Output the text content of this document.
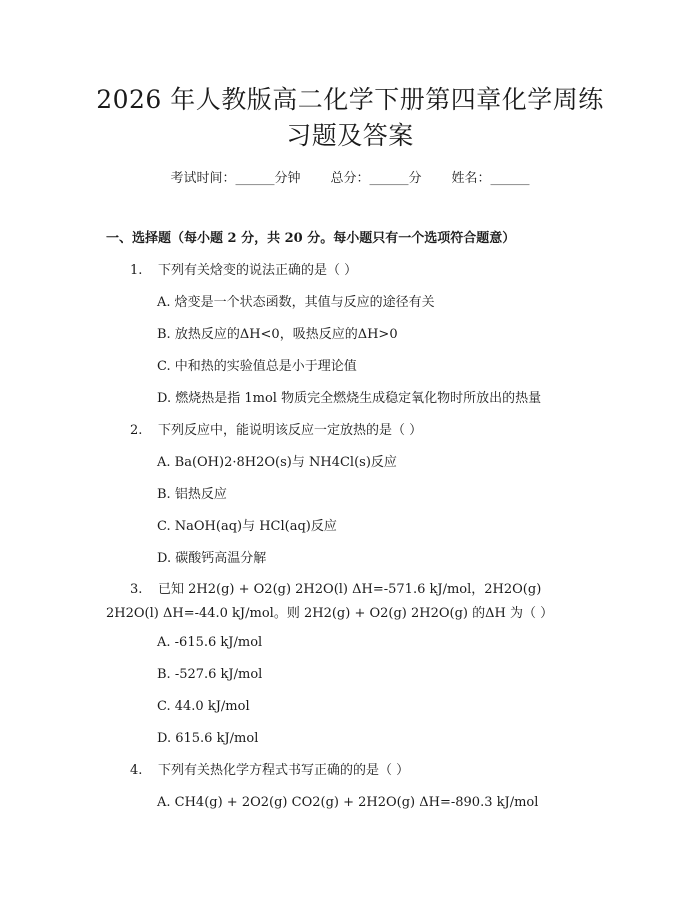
2026 年人教版高二化学下册第四章化学周练
习题及答案
考试时间：______分钟 总分：______分 姓名：______
一、选择题（每小题 2 分，共 20 分。每小题只有一个选项符合题意）
1. 下列有关焓变的说法正确的是（ ）
A. 焓变是一个状态函数，其值与反应的途径有关
B. 放热反应的ΔH<0，吸热反应的ΔH>0
C. 中和热的实验值总是小于理论值
D. 燃烧热是指 1mol 物质完全燃烧生成稳定氧化物时所放出的热量
2. 下列反应中，能说明该反应一定放热的是（ ）
A. Ba(OH)2·8H2O(s)与 NH4Cl(s)反应
B. 铝热反应
C. NaOH(aq)与 HCl(aq)反应
D. 碳酸钙高温分解
3. 已知 2H2(g) + O2(g) 2H2O(l) ΔH=-571.6 kJ/mol，2H2O(g) 2H2O(l) ΔH=-44.0 kJ/mol。则 2H2(g) + O2(g) 2H2O(g) 的ΔH 为（ ）
A. -615.6 kJ/mol
B. -527.6 kJ/mol
C. 44.0 kJ/mol
D. 615.6 kJ/mol
4. 下列有关热化学方程式书写正确的的是（ ）
A. CH4(g) + 2O2(g) CO2(g) + 2H2O(g) ΔH=-890.3 kJ/mol
